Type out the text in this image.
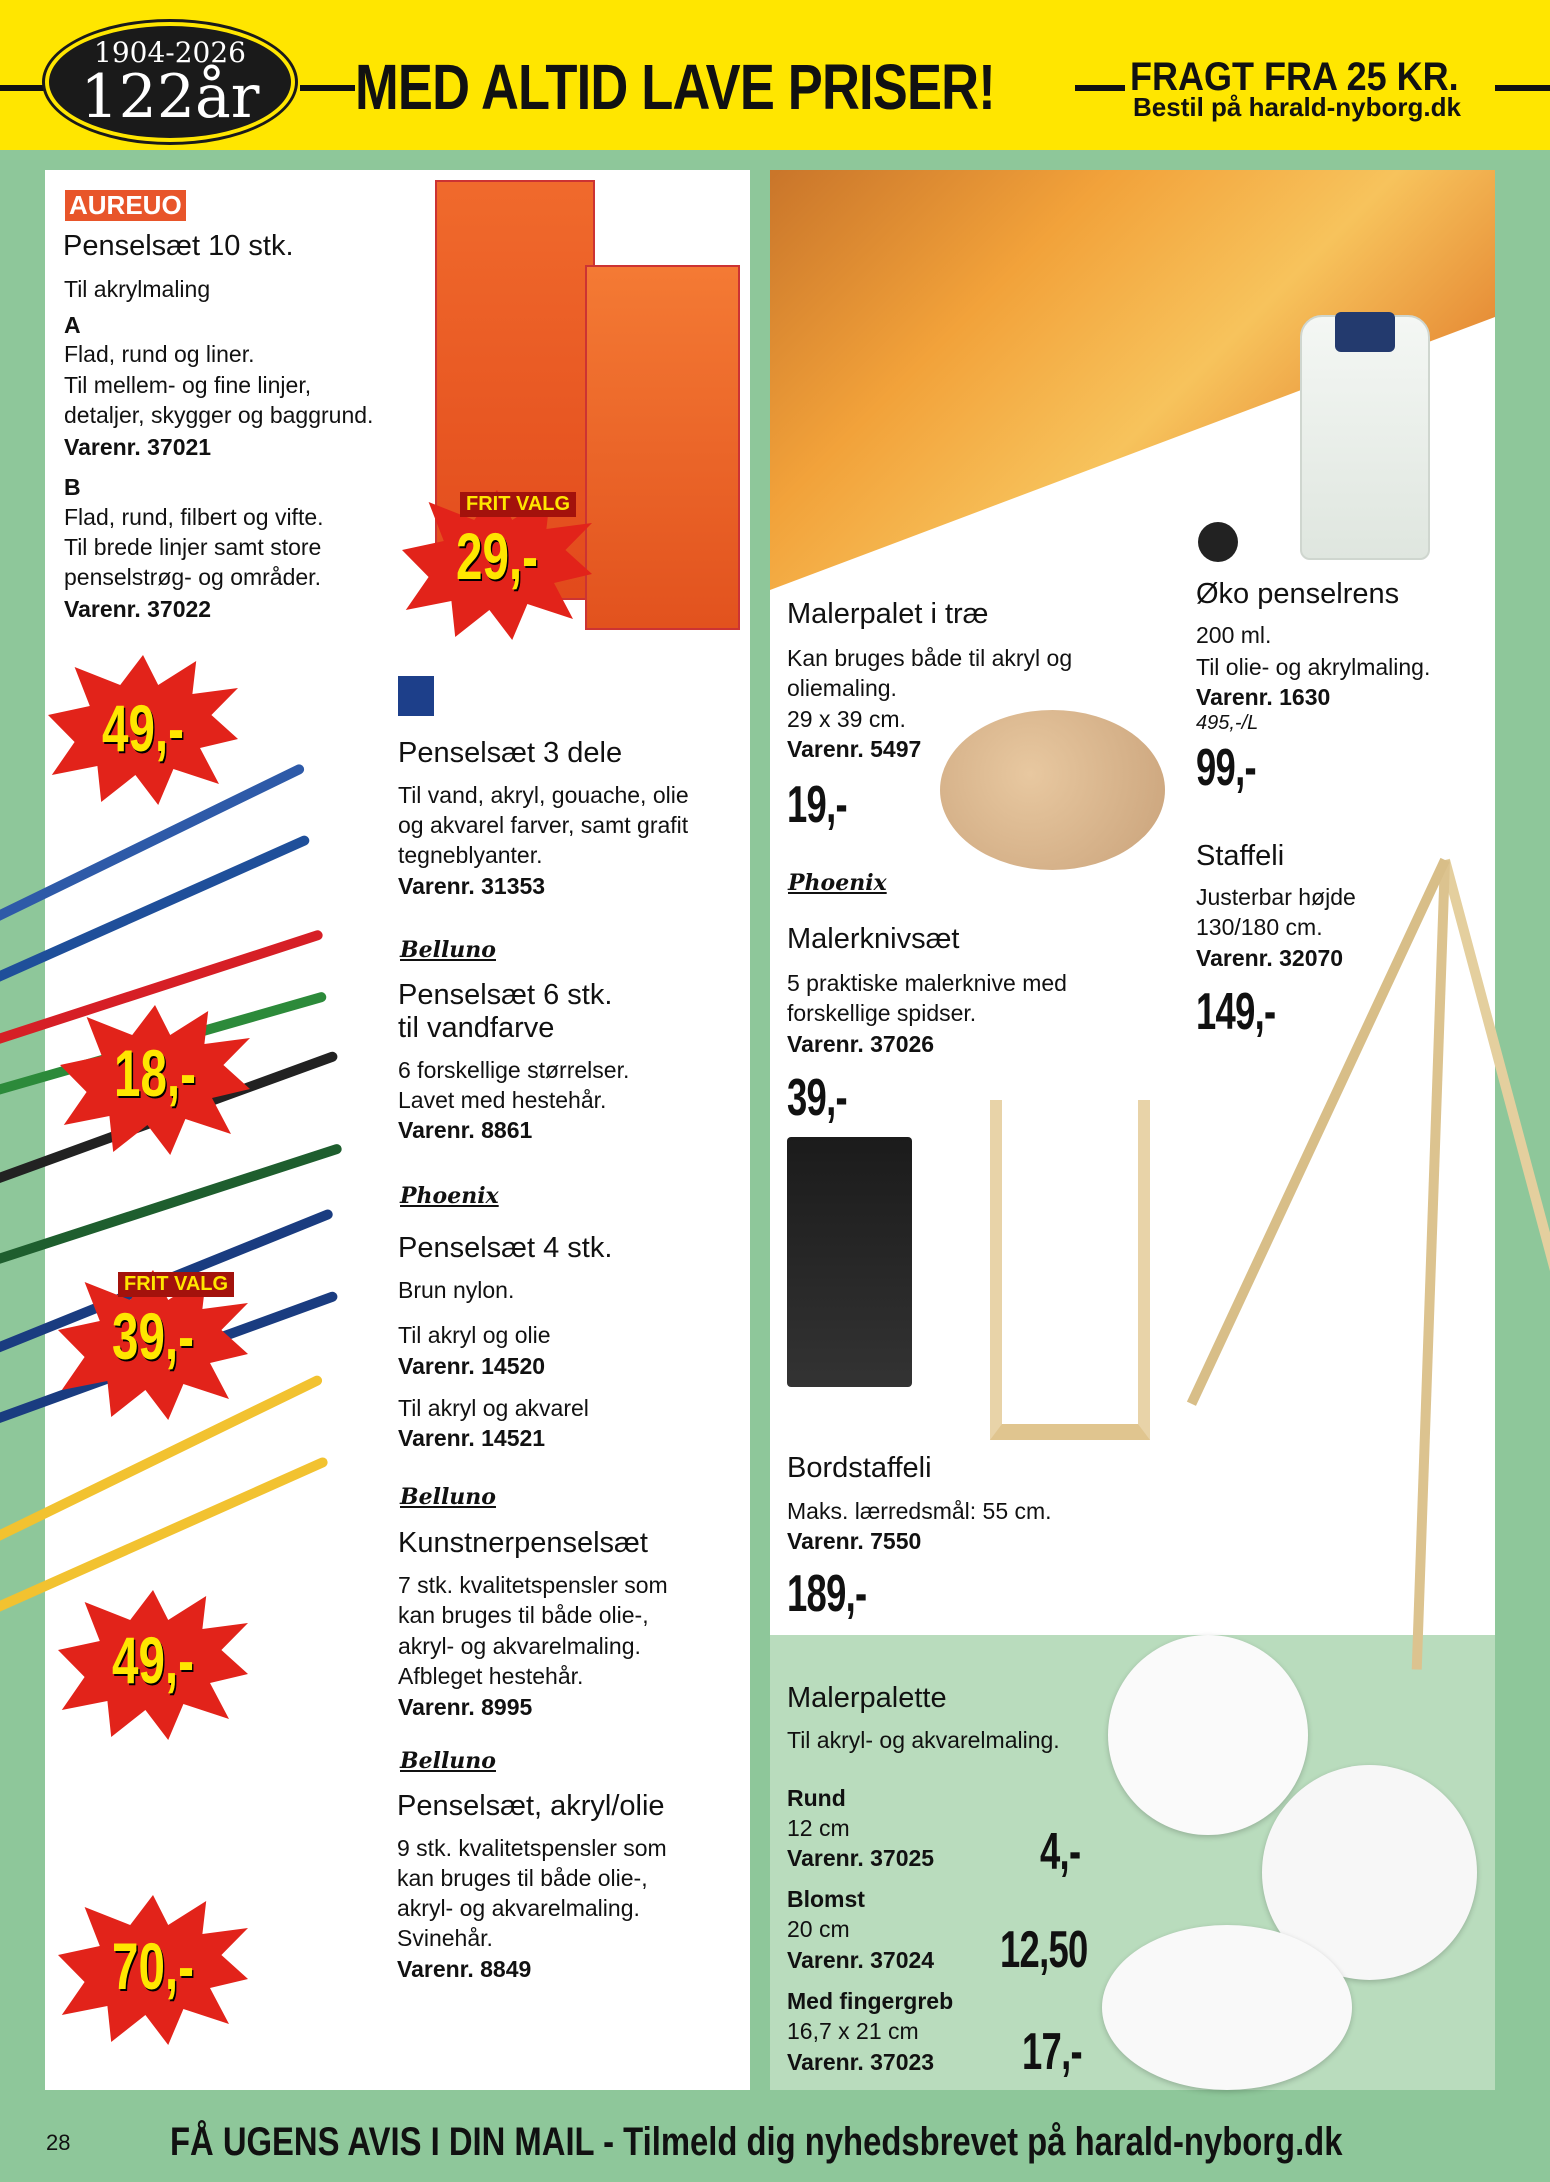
1904-2026
122år	MED ALTID LAVE PRISER!	FRAGT FRA 25 KR.
Bestil på harald-nyborg.dk
AUREUO
Penselsæt 10 stk.
Til akrylmaling
A
Flad, rund og liner.
Til mellem- og fine linjer,
detaljer, skygger og baggrund.
Varenr. 37021
B
Flad, rund, filbert og vifte.
Til brede linjer samt store
penselstrøg- og områder.
Varenr. 37022
FRIT VALG
29,-
Penselsæt 3 dele
Til vand, akryl, gouache, olie
og akvarel farver, samt grafit
tegneblyanter.
Varenr. 31353
49,-
Belluno
Penselsæt 6 stk.
til vandfarve
6 forskellige størrelser.
Lavet med hestehår.
Varenr. 8861
18,-
Phoenix
Penselsæt 4 stk.
Brun nylon.
Til akryl og olie
Varenr. 14520
Til akryl og akvarel
Varenr. 14521
FRIT VALG
39,-
Belluno
Kunstnerpenselsæt
7 stk. kvalitetspensler som
kan bruges til både olie-,
akryl- og akvarelmaling.
Afbleget hestehår.
Varenr. 8995
49,-
Belluno
Penselsæt, akryl/olie
9 stk. kvalitetspensler som
kan bruges til både olie-,
akryl- og akvarelmaling.
Svinehår.
Varenr. 8849
70,-
Malerpalet i træ
Kan bruges både til akryl og
oliemaling.
29 x 39 cm.
Varenr. 5497
19,-
Øko penselrens
200 ml.
Til olie- og akrylmaling.
Varenr. 1630
495,-/L
99,-
Phoenix
Malerknivsæt
5 praktiske malerknive med
forskellige spidser.
Varenr. 37026
39,-
Staffeli
Justerbar højde
130/180 cm.
Varenr. 32070
149,-
Bordstaffeli
Maks. lærredsmål: 55 cm.
Varenr. 7550
189,-
Malerpalette
Til akryl- og akvarelmaling.
Rund
12 cm
Varenr. 37025 4,-
Blomst
20 cm
Varenr. 37024 12,50
Med fingergreb
16,7 x 21 cm
Varenr. 37023 17,-
28 FÅ UGENS AVIS I DIN MAIL - Tilmeld dig nyhedsbrevet på harald-nyborg.dk
